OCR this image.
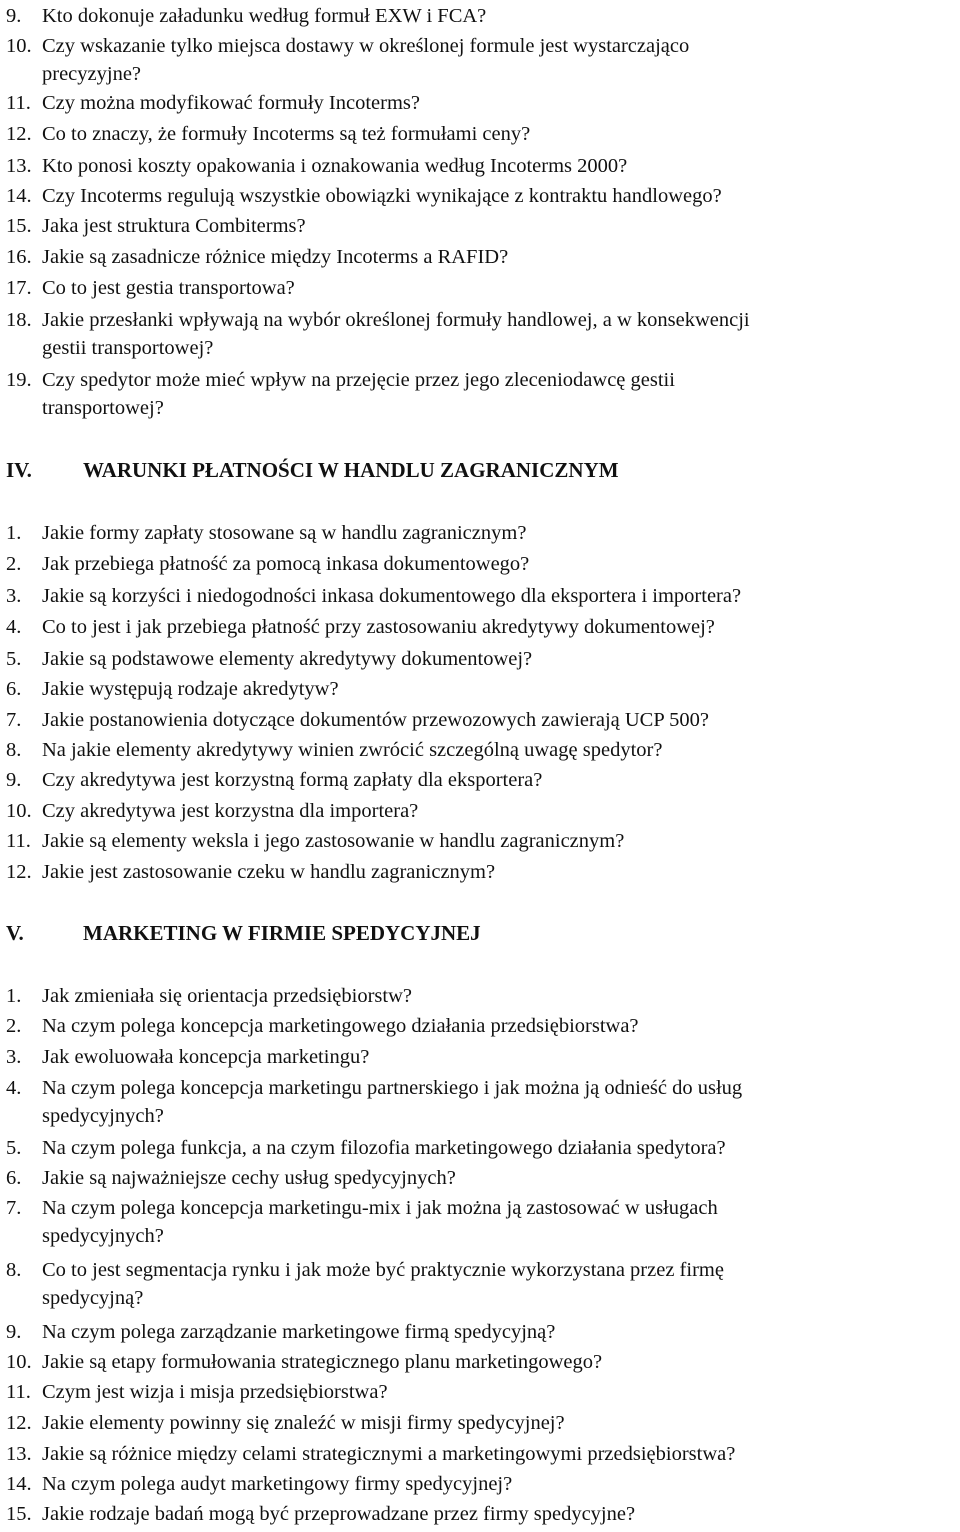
9. Kto dokonuje załadunku według formuł EXW i FCA?
10. Czy wskazanie tylko miejsca dostawy w określonej formule jest wystarczająco
precyzyjne?
11. Czy można modyfikować formuły Incoterms?
12. Co to znaczy, że formuły Incoterms są też formułami ceny?
13. Kto ponosi koszty opakowania i oznakowania według Incoterms 2000?
14. Czy Incoterms regulują wszystkie obowiązki wynikające z kontraktu handlowego?
15. Jaka jest struktura Combiterms?
16. Jakie są zasadnicze różnice między Incoterms a RAFID?
17. Co to jest gestia transportowa?
18. Jakie przesłanki wpływają na wybór określonej formuły handlowej, a w konsekwencji
gestii transportowej?
19. Czy spedytor może mieć wpływ na przejęcie przez jego zleceniodawcę gestii
transportowej?
IV. WARUNKI PŁATNOŚCI W HANDLU ZAGRANICZNYM
1. Jakie formy zapłaty stosowane są w handlu zagranicznym?
2. Jak przebiega płatność za pomocą inkasa dokumentowego?
3. Jakie są korzyści i niedogodności inkasa dokumentowego dla eksportera i importera?
4. Co to jest i jak przebiega płatność przy zastosowaniu akredytywy dokumentowej?
5. Jakie są podstawowe elementy akredytywy dokumentowej?
6. Jakie występują rodzaje akredytyw?
7. Jakie postanowienia dotyczące dokumentów przewozowych zawierają UCP 500?
8. Na jakie elementy akredytywy winien zwrócić szczególną uwagę spedytor?
9. Czy akredytywa jest korzystną formą zapłaty dla eksportera?
10. Czy akredytywa jest korzystna dla importera?
11. Jakie są elementy weksla i jego zastosowanie w handlu zagranicznym?
12. Jakie jest zastosowanie czeku w handlu zagranicznym?
V.	MARKETING W FIRMIE SPEDYCYJNEJ
1. Jak zmieniała się orientacja przedsiębiorstw?
2. Na czym polega koncepcja marketingowego działania przedsiębiorstwa?
3. Jak ewoluowała koncepcja marketingu?
4. Na czym polega koncepcja marketingu partnerskiego i jak można ją odnieść do usług
spedycyjnych?
5. Na czym polega funkcja, a na czym filozofia marketingowego działania spedytora?
6. Jakie są najważniejsze cechy usług spedycyjnych?
7. Na czym polega koncepcja marketingu-mix i jak można ją zastosować w usługach
spedycyjnych?
8. Co to jest segmentacja rynku i jak może być praktycznie wykorzystana przez firmę
spedycyjną?
9. Na czym polega zarządzanie marketingowe firmą spedycyjną?
10. Jakie są etapy formułowania strategicznego planu marketingowego?
11. Czym jest wizja i misja przedsiębiorstwa?
12. Jakie elementy powinny się znaleźć w misji firmy spedycyjnej?
13. Jakie są różnice między celami strategicznymi a marketingowymi przedsiębiorstwa?
14. Na czym polega audyt marketingowy firmy spedycyjnej?
15. Jakie rodzaje badań mogą być przeprowadzane przez firmy spedycyjne?
